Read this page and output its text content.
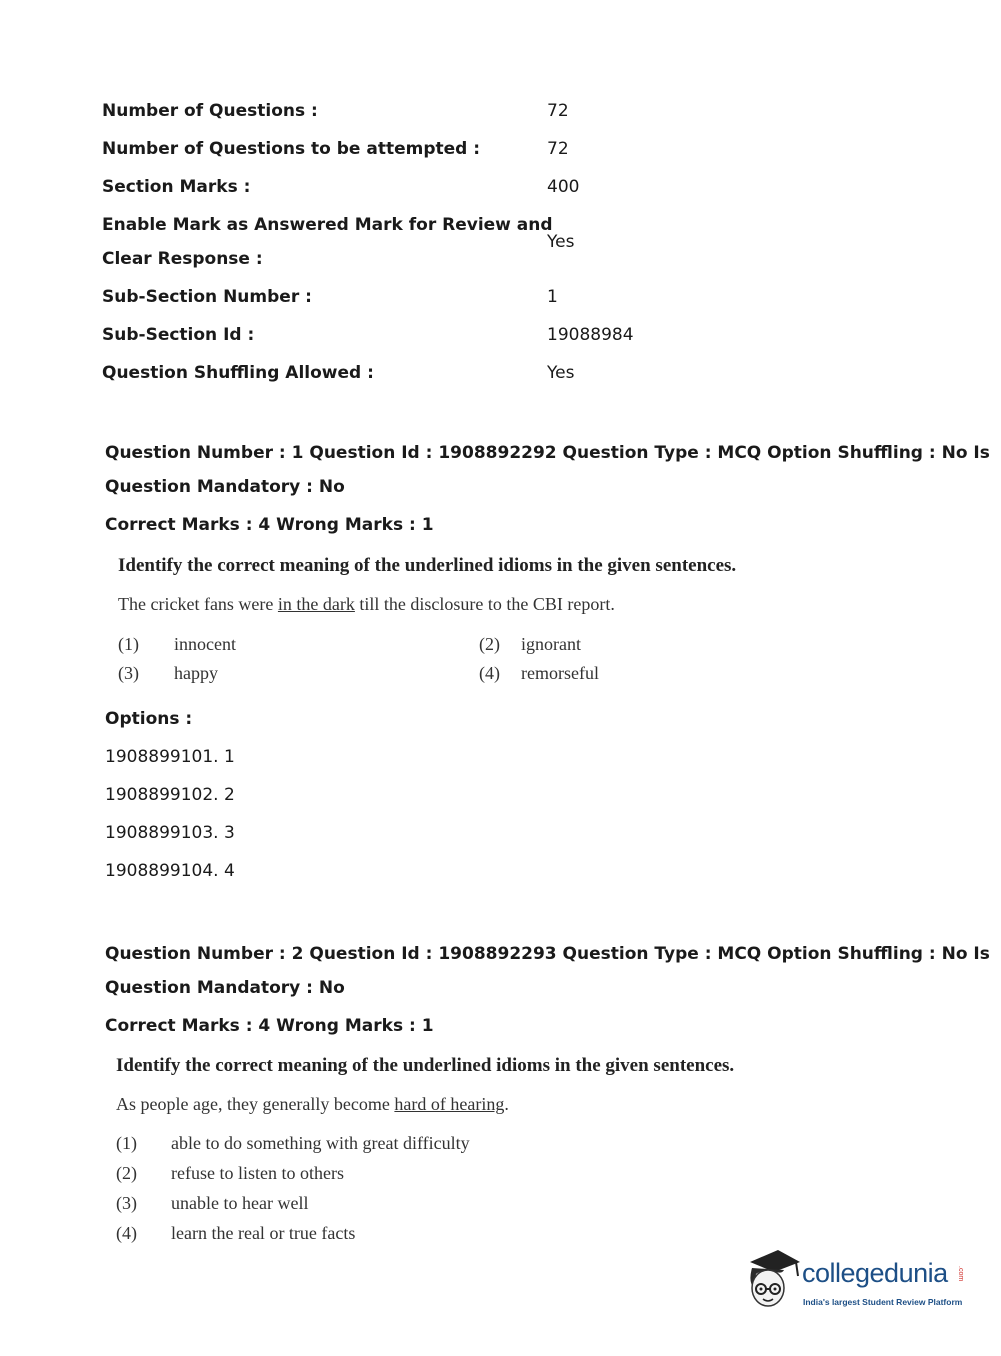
Number of Questions :	72
Number of Questions to be attempted :	72
Section Marks :	400
Enable Mark as Answered Mark for Review and
Clear Response :
Yes
Sub-Section Number :	1
Sub-Section Id :	19088984
Question Shuffling Allowed :	Yes
Question Number : 1 Question Id : 1908892292 Question Type : MCQ Option Shuffling : No Is
Question Mandatory : No
Correct Marks : 4 Wrong Marks : 1
Identify the correct meaning of the underlined idioms in the given sentences.
The cricket fans were in the dark till the disclosure to the CBI report.
(1) innocent	(2) ignorant
(3) happy	(4) remorseful
Options :
1908899101. 1
1908899102. 2
1908899103. 3
1908899104. 4
Question Number : 2 Question Id : 1908892293 Question Type : MCQ Option Shuffling : No Is
Question Mandatory : No
Correct Marks : 4 Wrong Marks : 1
Identify the correct meaning of the underlined idioms in the given sentences.
As people age, they generally become hard of hearing.
(1) able to do something with great difficulty
(2) refuse to listen to others
(3) unable to hear well
(4) learn the real or true facts
collegedunia .com
India's largest Student Review Platform
